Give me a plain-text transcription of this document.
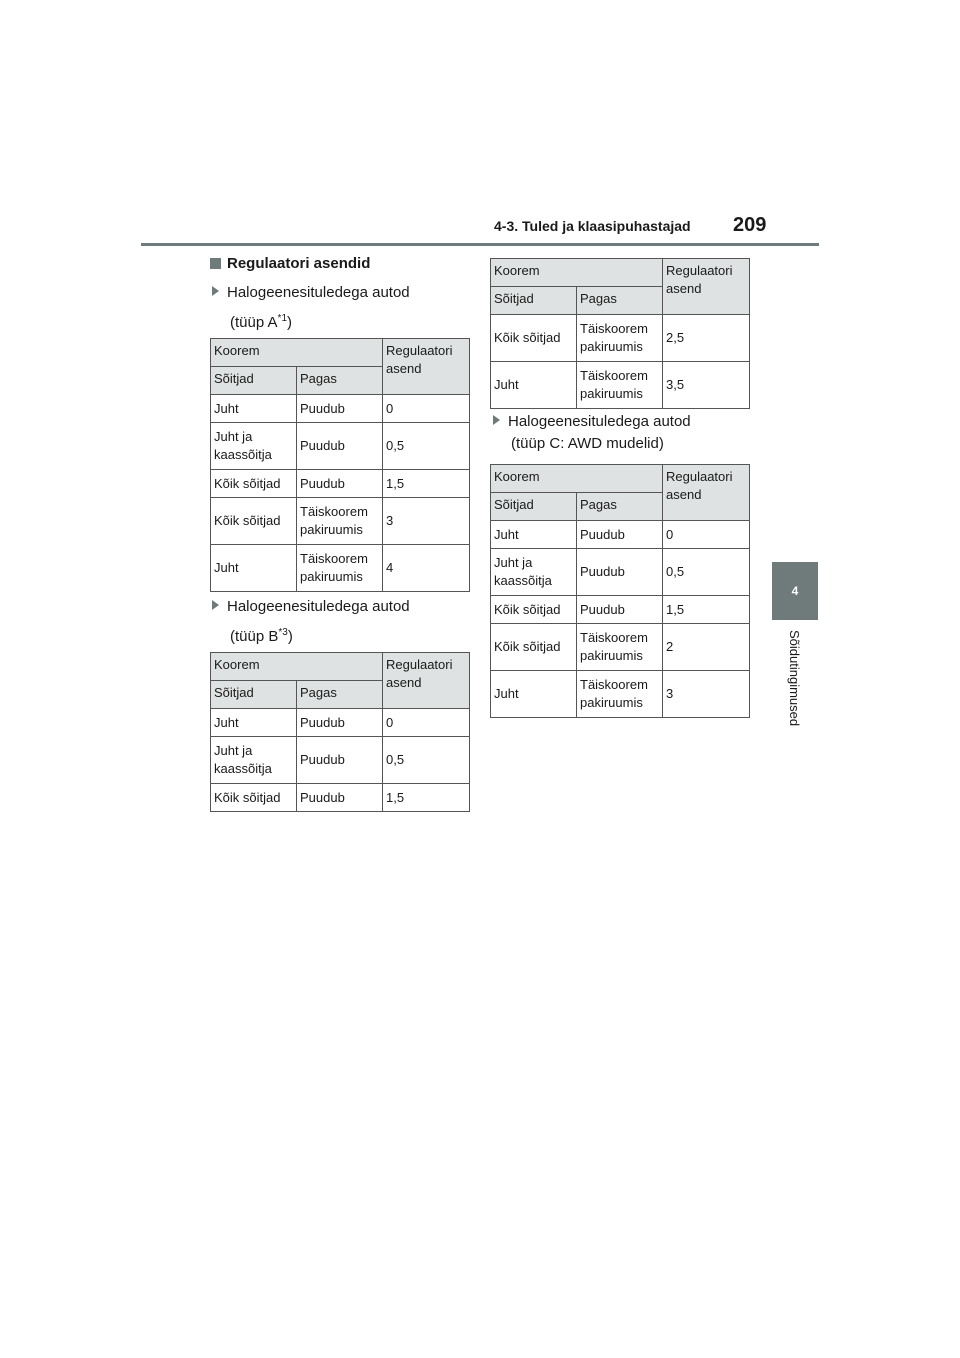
4-3. Tuled ja klaasipuhastajad 209
4
Sõidutingimused
Regulaatori asendid
Halogeenesituledega autod
(tüüp $A^{*1}$)
Koorem		Regulaatori asend
Sõitjad	Pagas	
Juht	Puudub	0
Juht ja kaassõitja	Puudub	0,5
Kõik sõitjad	Puudub	1,5
Kõik sõitjad	Täiskoorem pakiruumis	3
Juht	Täiskoorem pakiruumis	4
Halogeenesituledega autod
(tüüp $B^{*3}$)
Koorem		Regulaatori asend
Sõitjad	Pagas	
Juht	Puudub	0
Juht ja kaassõitja	Puudub	0,5
Kõik sõitjad	Puudub	1,5
Koorem		Regulaatori asend
Sõitjad	Pagas	
Kõik sõitjad	Täiskoorem pakiruumis	2,5
Juht	Täiskoorem pakiruumis	3,5
Halogeenesituledega autod
(tüüp C: AWD mudelid)
Koorem		Regulaatori asend
Sõitjad	Pagas	
Juht	Puudub	0
Juht ja kaassõitja	Puudub	0,5
Kõik sõitjad	Puudub	1,5
Kõik sõitjad	Täiskoorem pakiruumis	2
Juht	Täiskoorem pakiruumis	3
